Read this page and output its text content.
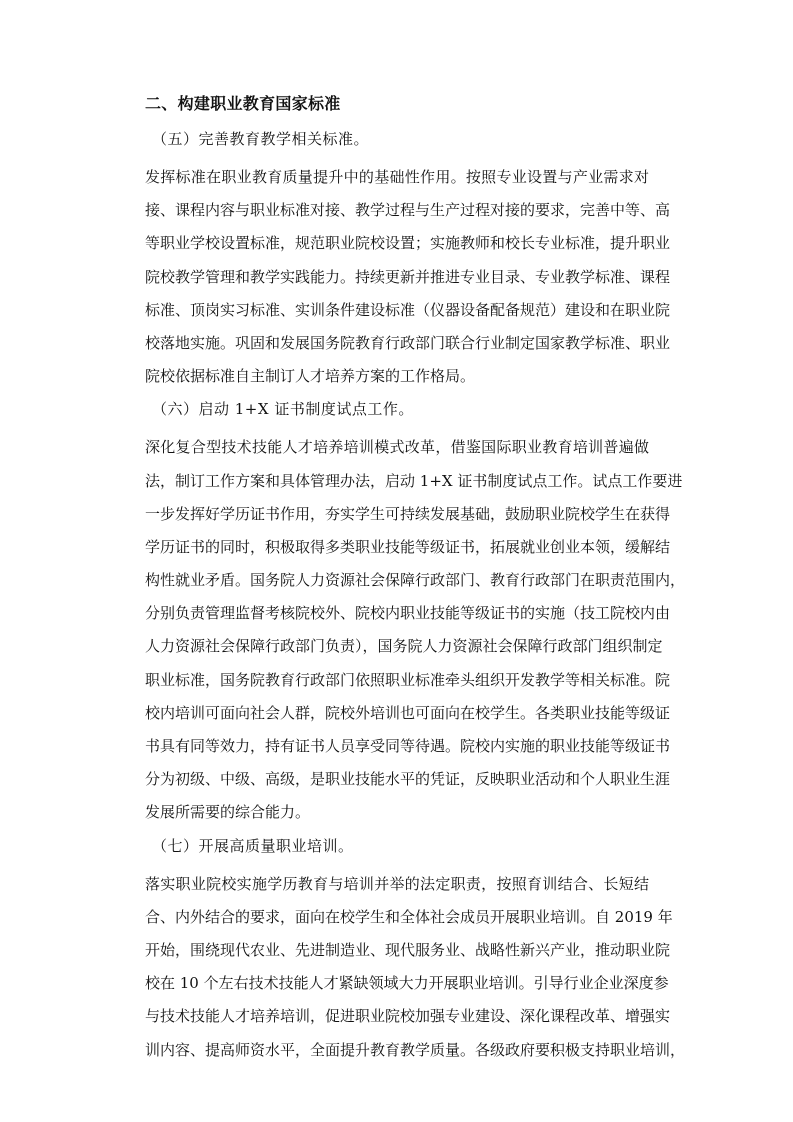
二、构建职业教育国家标准
（五）完善教育教学相关标准。
发挥标准在职业教育质量提升中的基础性作用。按照专业设置与产业需求对
接、课程内容与职业标准对接、教学过程与生产过程对接的要求，完善中等、高
等职业学校设置标准，规范职业院校设置；实施教师和校长专业标准，提升职业
院校教学管理和教学实践能力。持续更新并推进专业目录、专业教学标准、课程
标准、顶岗实习标准、实训条件建设标准（仪器设备配备规范）建设和在职业院
校落地实施。巩固和发展国务院教育行政部门联合行业制定国家教学标准、职业
院校依据标准自主制订人才培养方案的工作格局。
（六）启动 1+X 证书制度试点工作。
深化复合型技术技能人才培养培训模式改革，借鉴国际职业教育培训普遍做
法，制订工作方案和具体管理办法，启动 1+X 证书制度试点工作。试点工作要进
一步发挥好学历证书作用，夯实学生可持续发展基础，鼓励职业院校学生在获得
学历证书的同时，积极取得多类职业技能等级证书，拓展就业创业本领，缓解结
构性就业矛盾。国务院人力资源社会保障行政部门、教育行政部门在职责范围内，
分别负责管理监督考核院校外、院校内职业技能等级证书的实施（技工院校内由
人力资源社会保障行政部门负责），国务院人力资源社会保障行政部门组织制定
职业标准，国务院教育行政部门依照职业标准牵头组织开发教学等相关标准。院
校内培训可面向社会人群，院校外培训也可面向在校学生。各类职业技能等级证
书具有同等效力，持有证书人员享受同等待遇。院校内实施的职业技能等级证书
分为初级、中级、高级，是职业技能水平的凭证，反映职业活动和个人职业生涯
发展所需要的综合能力。
（七）开展高质量职业培训。
落实职业院校实施学历教育与培训并举的法定职责，按照育训结合、长短结
合、内外结合的要求，面向在校学生和全体社会成员开展职业培训。自 2019 年
开始，围绕现代农业、先进制造业、现代服务业、战略性新兴产业，推动职业院
校在 10 个左右技术技能人才紧缺领域大力开展职业培训。引导行业企业深度参
与技术技能人才培养培训，促进职业院校加强专业建设、深化课程改革、增强实
训内容、提高师资水平，全面提升教育教学质量。各级政府要积极支持职业培训，
